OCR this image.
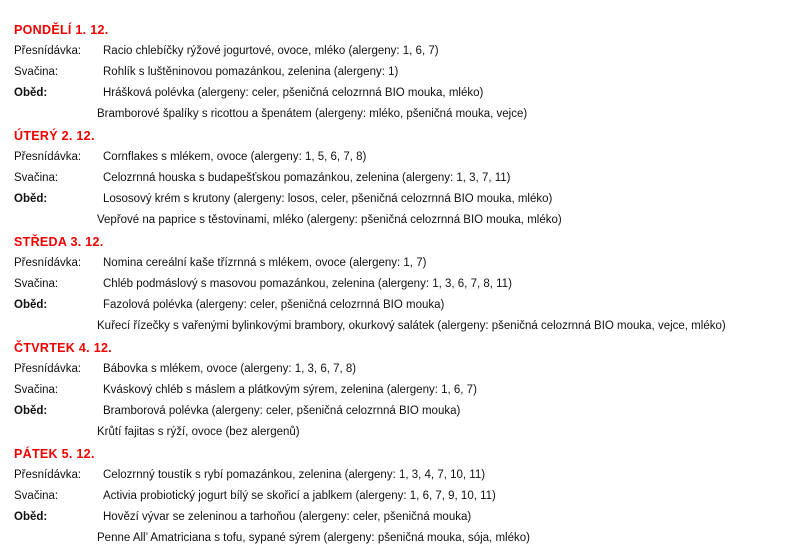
PONDĚLÍ 1. 12.
Přesnídávka:	Racio chlebíčky rýžové jogurtové, ovoce, mléko (alergeny: 1, 6, 7)
Svačina:	Rohlík s luštěninovou pomazánkou, zelenina (alergeny: 1)
Oběd:	Hrášková polévka (alergeny: celer, pšeničná celozrnná BIO mouka, mléko)
Bramborové špalíky s ricottou a špenátem (alergeny: mléko, pšeničná mouka, vejce)
ÚTERÝ 2. 12.
Přesnídávka:	Cornflakes s mlékem, ovoce (alergeny: 1, 5, 6, 7, 8)
Svačina:	Celozrnná houska s budapešťskou pomazánkou, zelenina (alergeny: 1, 3, 7, 11)
Oběd:	Lososový krém s krutony (alergeny: losos, celer, pšeničná celozrnná BIO mouka, mléko)
Vepřové na paprice s těstovinami, mléko (alergeny: pšeničná celozrnná BIO mouka, mléko)
STŘEDA 3. 12.
Přesnídávka:	Nomina cereální kaše třízrnná s mlékem, ovoce (alergeny: 1, 7)
Svačina:	Chléb podmáslový s masovou pomazánkou, zelenina (alergeny: 1, 3, 6, 7, 8, 11)
Oběd:	Fazolová polévka (alergeny: celer, pšeničná celozrnná BIO mouka)
Kuřecí řízečky s vařenými bylinkovými brambory, okurkový salátek (alergeny: pšeničná celozrnná BIO mouka, vejce, mléko)
ČTVRTEK 4. 12.
Přesnídávka:	Bábovka s mlékem, ovoce (alergeny: 1, 3, 6, 7, 8)
Svačina:	Kváskový chléb s máslem a plátkovým sýrem, zelenina (alergeny: 1, 6, 7)
Oběd:	Bramborová polévka (alergeny: celer, pšeničná celozrnná BIO mouka)
Krůtí fajitas s rýží, ovoce (bez alergenů)
PÁTEK 5. 12.
Přesnídávka:	Celozrnný toustík s rybí pomazánkou, zelenina (alergeny: 1, 3, 4, 7, 10, 11)
Svačina:	Activia probiotický jogurt bílý se skořicí a jablkem (alergeny: 1, 6, 7, 9, 10, 11)
Oběd:	Hovězí vývar se zeleninou a tarhoňou (alergeny: celer, pšeničná mouka)
Penne All’ Amatriciana s tofu, sypané sýrem (alergeny: pšeničná mouka, sója, mléko)
